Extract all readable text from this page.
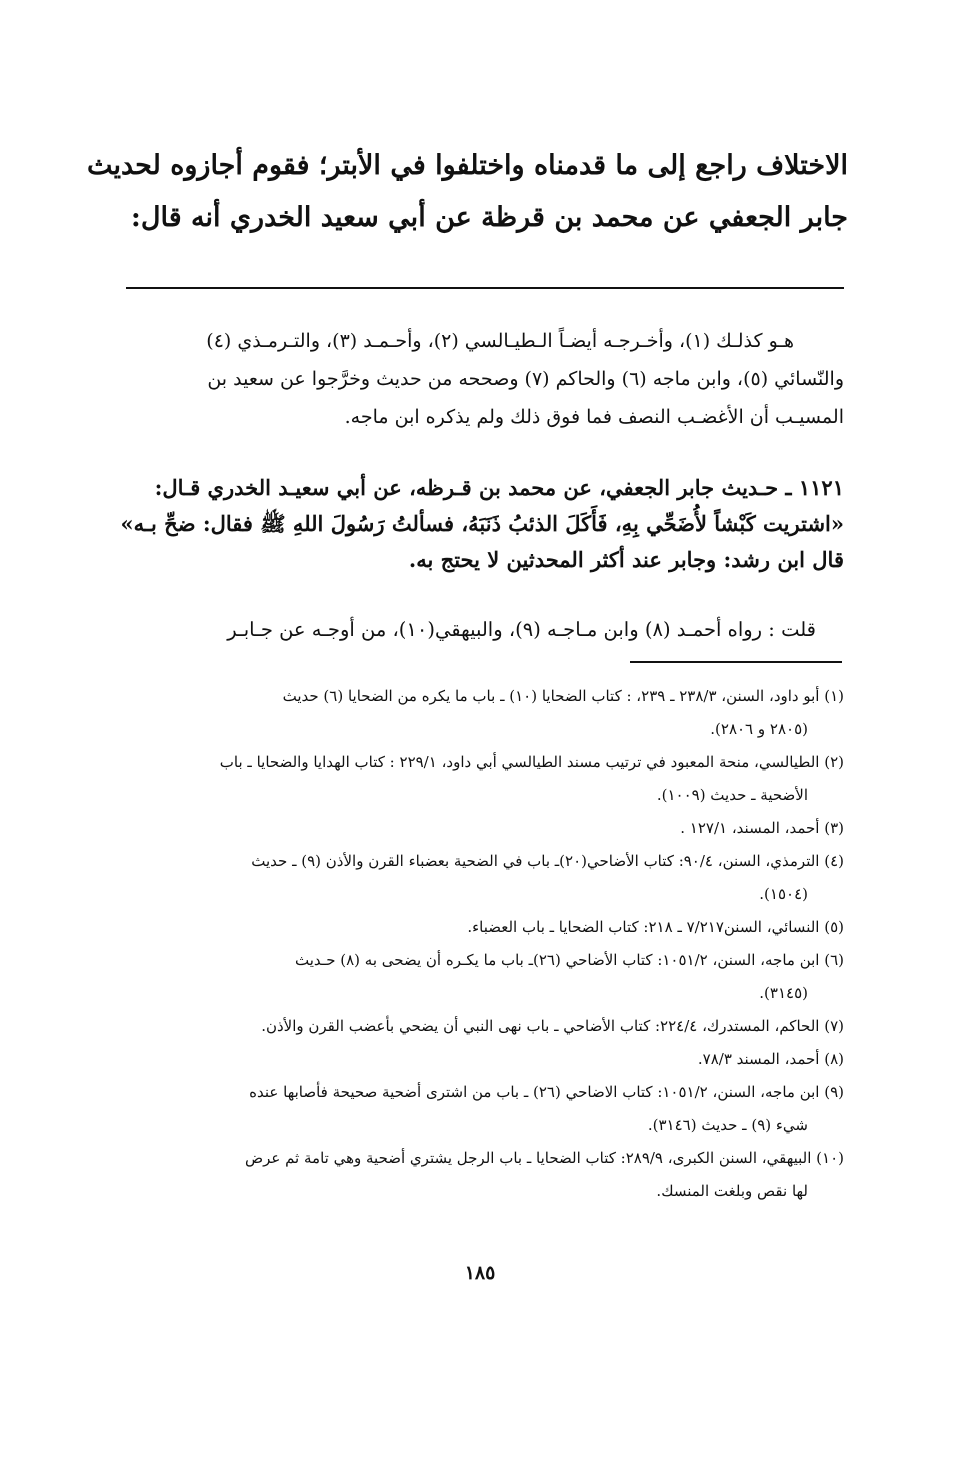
الاختلاف راجع إلى ما قدمناه واختلفوا في الأبتر؛ فقوم أجازوه لحديث

جابر الجعفي عن محمد بن قرظة عن أبي سعيد الخدري أنه قال:

هـو كذلـك (١)، وأخـرجـه أيضـاً الـطيـالسي (٢)، وأحـمـد (٣)، والتـرمـذي (٤)

والنّسائي (٥)، وابن ماجه (٦) والحاكم (٧) وصححه من حديث وخرَّجوا عن سعيد بن

المسيـب أن الأغضـب النصف فما فوق ذلك ولم يذكره ابن ماجه.

١١٢١ ـ حـديث جابر الجعفي، عن محمد بن قـرظه، عن أبي سعيـد الخدري قـال:

«اشتريت كَبْشاً لأُضَحِّي بِهِ، فَأَكَلَ الذئبُ ذَنَبَهُ، فسألتُ رَسُولَ اللهِ ﷺ فقال: ضحِّ بـه»

قال ابن رشد: وجابر عند أكثر المحدثين لا يحتج به.

قلت : رواه أحمـد (٨) وابن مـاجـه (٩)، والبيهقي(١٠)، من أوجـه عن جـابـر

(١) أبو داود، السنن، ٢٣٨/٣ ـ ٢٣٩، : كتاب الضحايا (١٠) ـ باب ما يكره من الضحايا (٦) حديث
(٢٨٠٥ و ٢٨٠٦).
(٢) الطيالسي، منحة المعبود في ترتيب مسند الطيالسي أبي داود، ٢٢٩/١ : كتاب الهدايا والضحايا ـ باب
الأضحية ـ حديث (١٠٠٩).
(٣) أحمد، المسند، ١٢٧/١ .
(٤) الترمذي، السنن، ٩٠/٤: كتاب الأضاحي(٢٠)ـ باب في الضحية بعضباء القرن والأذن (٩) ـ حديث
(١٥٠٤).
(٥) النسائي، السنن٧/٢١٧ ـ ٢١٨: كتاب الضحايا ـ باب العضباء.
(٦) ابن ماجه، السنن، ١٠٥١/٢: كتاب الأضاحي (٢٦)ـ باب ما يكـره أن يضحى به (٨) حـديث
(٣١٤٥).
(٧) الحاكم، المستدرك، ٢٢٤/٤: كتاب الأضاحي ـ باب نهى النبي أن يضحي بأعضب القرن والأذن.
(٨) أحمد، المسند ٧٨/٣.
(٩) ابن ماجه، السنن، ١٠٥١/٢: كتاب الاضاحي (٢٦) ـ باب من اشترى أضحية صحيحة فأصابها عنده
شيء (٩) ـ حديث (٣١٤٦).
(١٠) البيهقي، السنن الكبرى، ٢٨٩/٩: كتاب الضحايا ـ باب الرجل يشتري أضحية وهي تامة ثم عرض
لها نقص وبلغت المنسك.
١٨٥
